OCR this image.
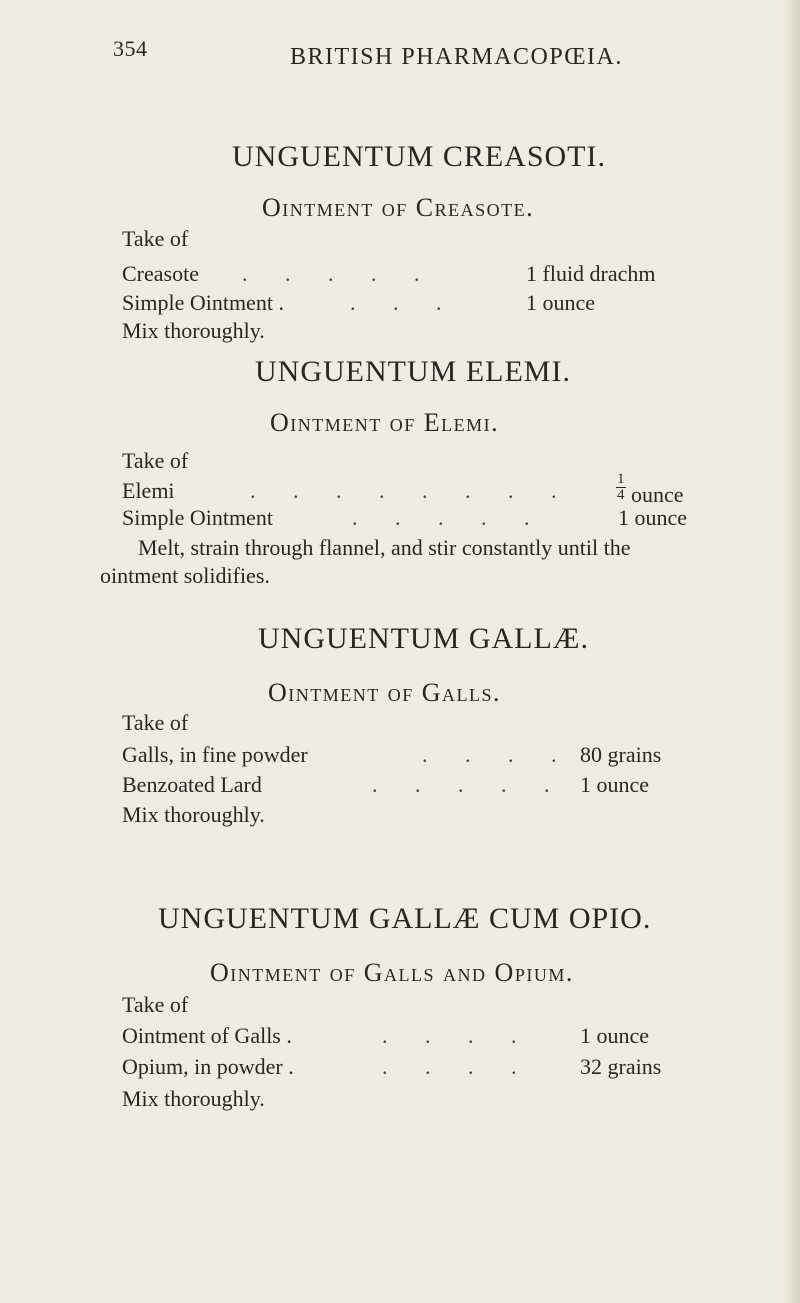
354	BRITISH PHARMACOPŒIA.
UNGUENTUM CREASOTI.
Ointment of Creasote.
Take of
Creasote . . . . .	1 fluid drachm
Simple Ointment .	. . .	1 ounce
Mix thoroughly.
UNGUENTUM ELEMI.
Ointment of Elemi.
Take of
Elemi	. . . . . . . .	$\frac{1}{4}$ ounce
Simple Ointment	. . . . .	1 ounce
Melt, strain through flannel, and stir constantly until the
ointment solidifies.
UNGUENTUM GALLÆ.
Ointment of Galls.
Take of
Galls, in fine powder	. . . . 80 grains
Benzoated Lard	. . . . . 1 ounce
Mix thoroughly.
UNGUENTUM GALLÆ CUM OPIO.
Ointment of Galls and Opium.
Take of
Ointment of Galls .	. . . . 1 ounce
Opium, in powder .	. . . . 32 grains
Mix thoroughly.
